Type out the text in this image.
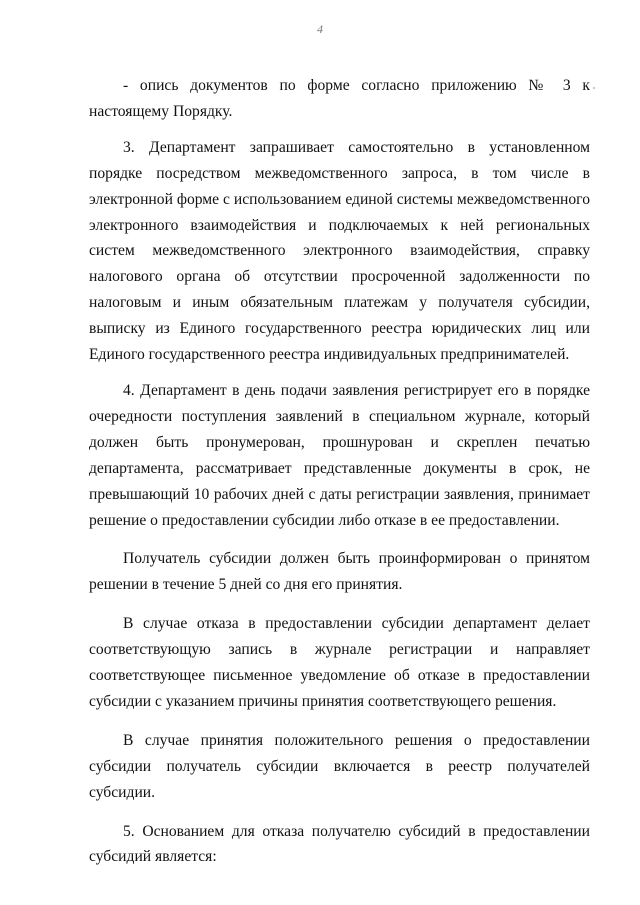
4

- опись документов по форме согласно приложению № 3 к настоящему Порядку.

3. Департамент запрашивает самостоятельно в установленном порядке посредством межведомственного запроса, в том числе в электронной форме с использованием единой системы межведомственного электронного взаимодействия и подключаемых к ней региональных систем межведомственного электронного взаимодействия, справку налогового органа об отсутствии просроченной задолженности по налоговым и иным обязательным платежам у получателя субсидии, выписку из Единого государственного реестра юридических лиц или Единого государственного реестра индивидуальных предпринимателей.

4. Департамент в день подачи заявления регистрирует его в порядке очередности поступления заявлений в специальном журнале, который должен быть пронумерован, прошнурован и скреплен печатью департамента, рассматривает представленные документы в срок, не превышающий 10 рабочих дней с даты регистрации заявления, принимает решение о предоставлении субсидии либо отказе в ее предоставлении.

Получатель субсидии должен быть проинформирован о принятом решении в течение 5 дней со дня его принятия.

В случае отказа в предоставлении субсидии департамент делает соответствующую запись в журнале регистрации и направляет соответствующее письменное уведомление об отказе в предоставлении субсидии с указанием причины принятия соответствующего решения.

В случае принятия положительного решения о предоставлении субсидии получатель субсидии включается в реестр получателей субсидии.

5. Основанием для отказа получателю субсидий в предоставлении субсидий является:
